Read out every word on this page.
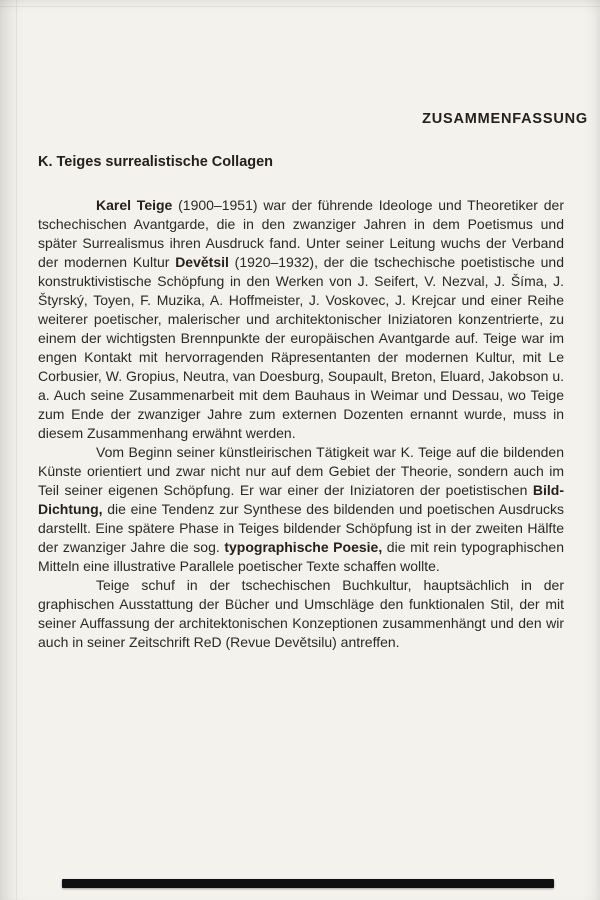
ZUSAMMENFASSUNG
K. Teiges surrealistische Collagen

Karel Teige (1900–1951) war der führende Ideologe und Theoretiker der tschechischen Avantgarde, die in den zwanziger Jahren in dem Poetismus und später Surrealismus ihren Ausdruck fand. Unter seiner Leitung wuchs der Verband der modernen Kultur Devětsil (1920–1932), der die tschechische poetistische und konstruktivistische Schöpfung in den Werken von J. Seifert, V. Nezval, J. Šíma, J. Štyrský, Toyen, F. Muzika, A. Hoffmeister, J. Voskovec, J. Krejcar und einer Reihe weiterer poetischer, malerischer und architektonischer Iniziatoren konzentrierte, zu einem der wichtigsten Brennpunkte der europäischen Avantgarde auf. Teige war im engen Kontakt mit hervorragenden Räpresentanten der modernen Kultur, mit Le Corbusier, W. Gropius, Neutra, van Doesburg, Soupault, Breton, Eluard, Jakobson u. a. Auch seine Zusammenarbeit mit dem Bauhaus in Weimar und Dessau, wo Teige zum Ende der zwanziger Jahre zum externen Dozenten ernannt wurde, muss in diesem Zusammenhang erwähnt werden.

Vom Beginn seiner künstleirischen Tätigkeit war K. Teige auf die bildenden Künste orientiert und zwar nicht nur auf dem Gebiet der Theorie, sondern auch im Teil seiner eigenen Schöpfung. Er war einer der Iniziatoren der poetistischen Bild-Dichtung, die eine Tendenz zur Synthese des bildenden und poetischen Ausdrucks darstellt. Eine spätere Phase in Teiges bildender Schöpfung ist in der zweiten Hälfte der zwanziger Jahre die sog. typographische Poesie, die mit rein typographischen Mitteln eine illustrative Parallele poetischer Texte schaffen wollte.

Teige schuf in der tschechischen Buchkultur, hauptsächlich in der graphischen Ausstattung der Bücher und Umschläge den funktionalen Stil, der mit seiner Auffassung der architektonischen Konzeptionen zusammenhängt und den wir auch in seiner Zeitschrift ReD (Revue Devětsilu) antreffen.
